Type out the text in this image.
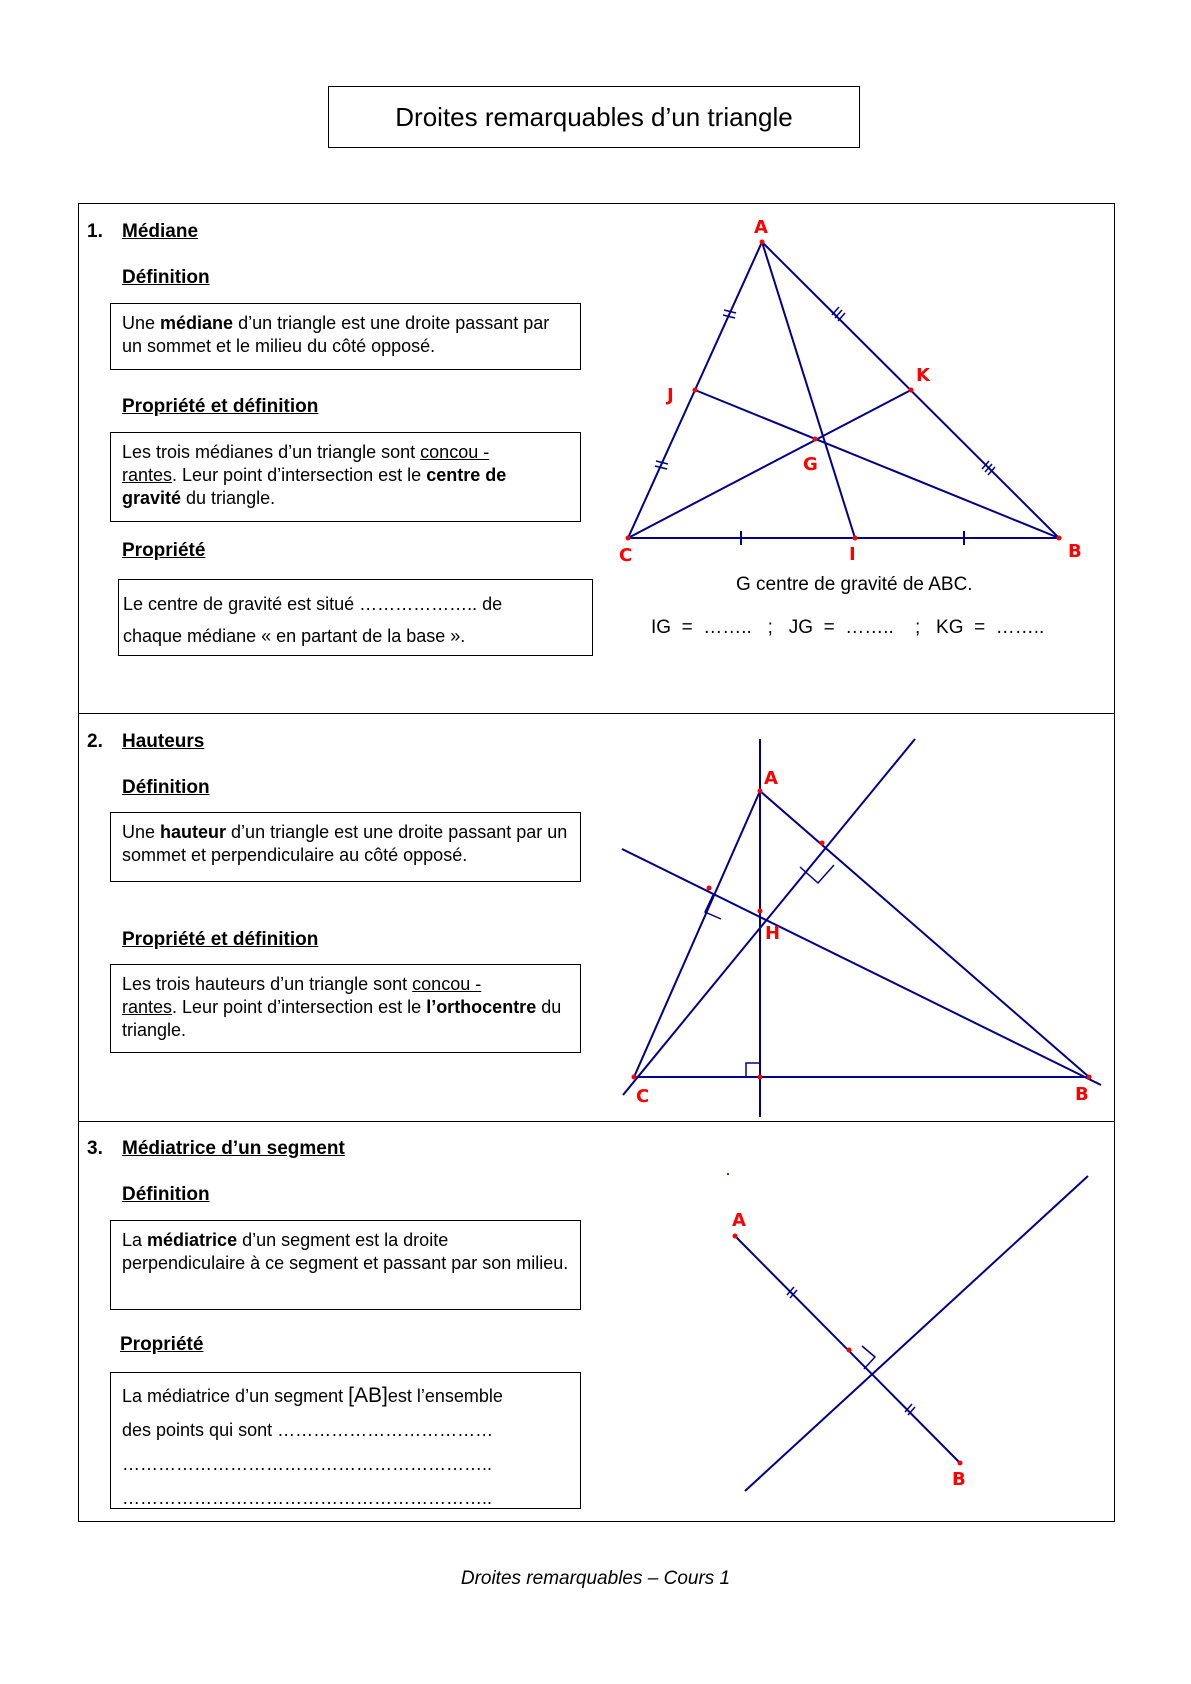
Droites remarquables d’un triangle
1. Médiane
Définition
Une médiane d’un triangle est une droite passant par un sommet et le milieu du côté opposé.
Propriété et définition
Les trois médianes d’un triangle sont concou -
rantes. Leur point d’intersection est le centre de gravité du triangle.
Propriété
Le centre de gravité est situé ……………….. de
chaque médiane « en partant de la base ».
A
B
C
G
I
J
K
G centre de gravité de ABC.
IG  =  ……..   ;   JG  =  ……..    ;   KG  =  ……..
2. Hauteurs
Définition
Une hauteur d’un triangle est une droite passant par un sommet et perpendiculaire au côté opposé.
Propriété et définition
Les trois hauteurs d’un triangle sont concou -
rantes. Leur point d’intersection est le l’orthocentre du triangle.
A
H
C	B
3. Médiatrice d’un segment
Définition
La médiatrice d’un segment est la droite perpendiculaire à ce segment et passant par son milieu.
Propriété
La médiatrice d’un segment [AB]est l’ensemble
des points qui sont ………………………………
……………………………………………………..
……………………………………………………..
A
B
Droites remarquables – Cours 1
